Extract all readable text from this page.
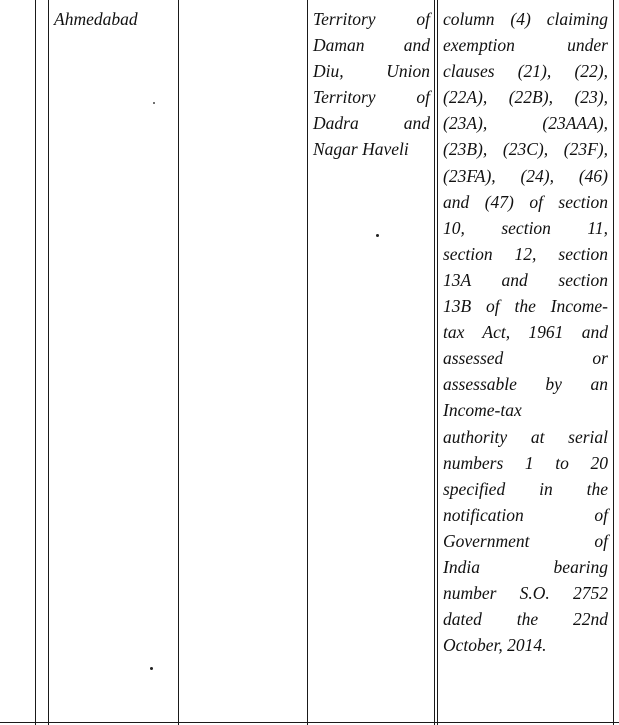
Ahmedabad	Territory of
Daman and
Diu, Union
Territory of
Dadra and
Nagar Haveli
column (4) claiming
exemption under
clauses (21), (22),
(22A), (22B), (23),
(23A), (23AAA),
(23B), (23C), (23F),
(23FA), (24), (46)
and (47) of section
10, section 11,
section 12, section
13A and section
13B of the Income-
tax Act, 1961 and
assessed or
assessable by an
Income-tax
authority at serial
numbers 1 to 20
specified in the
notification of
Government of
India bearing
number S.O. 2752
dated the 22nd
October, 2014.
